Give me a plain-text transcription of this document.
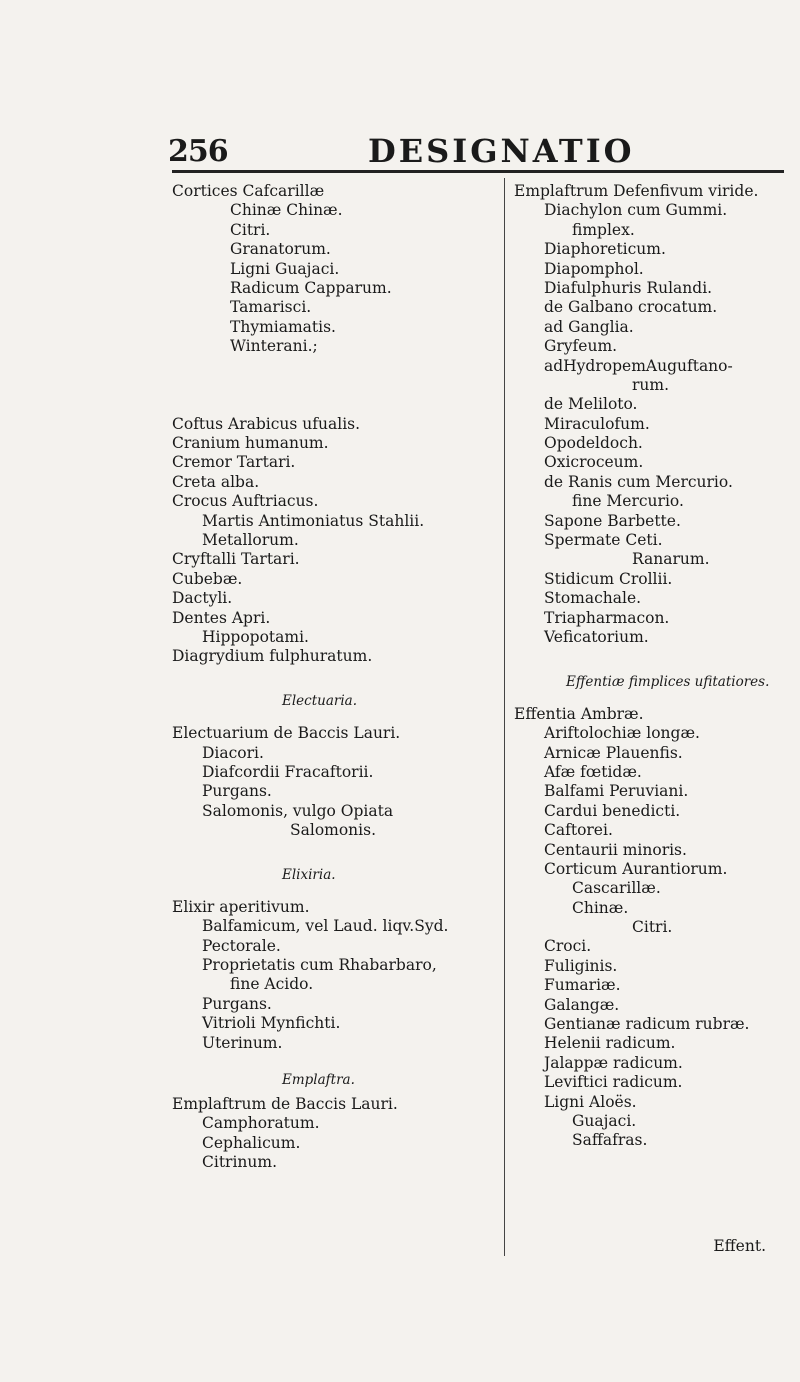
256	DESIGNATIO
Cortices Cafcarillæ
Chinæ Chinæ.
Citri.
Granatorum.
Ligni Guajaci.
Radicum Capparum.
Tamarisci.
Thymiamatis.
Winterani.;
Coftus Arabicus ufualis.
Cranium humanum.
Cremor Tartari.
Creta alba.
Crocus Auftriacus.
Martis Antimoniatus Stahlii.
Metallorum.
Cryftalli Tartari.
Cubebæ.
Dactyli.
Dentes Apri.
Hippopotami.
Diagrydium fulphuratum.
Electuaria.
Electuarium de Baccis Lauri.
Diacori.
Diafcordii Fracaftorii.
Purgans.
Salomonis, vulgo Opiata
Salomonis.
Elixiria.
Elixir aperitivum.
Balfamicum, vel Laud. liqv.Syd.
Pectorale.
Proprietatis cum Rhabarbaro,
fine Acido.
Purgans.
Vitrioli Mynfichti.
Uterinum.
Emplaftra.
Emplaftrum de Baccis Lauri.
Camphoratum.
Cephalicum.
Citrinum.
Emplaftrum Defenfivum viride.
Diachylon cum Gummi.
fimplex.
Diaphoreticum.
Diapomphol.
Diafulphuris Rulandi.
de Galbano crocatum.
ad Ganglia.
Gryfeum.
adHydropemAuguftano-
rum.
de Meliloto.
Miraculofum.
Opodeldoch.
Oxicroceum.
de Ranis cum Mercurio.
fine Mercurio.
Sapone Barbette.
Spermate Ceti.
Ranarum.
Stidicum Crollii.
Stomachale.
Triapharmacon.
Veficatorium.
Effentiæ fimplices ufitatiores.
Effentia Ambræ.
Ariftolochiæ longæ.
Arnicæ Plauenfis.
Afæ fœtidæ.
Balfami Peruviani.
Cardui benedicti.
Caftorei.
Centaurii minoris.
Corticum Aurantiorum.
Cascarillæ.
Chinæ.
Citri.
Croci.
Fuliginis.
Fumariæ.
Galangæ.
Gentianæ radicum rubræ.
Helenii radicum.
Jalappæ radicum.
Leviftici radicum.
Ligni Aloës.
Guajaci.
Saffafras.
Effent.
